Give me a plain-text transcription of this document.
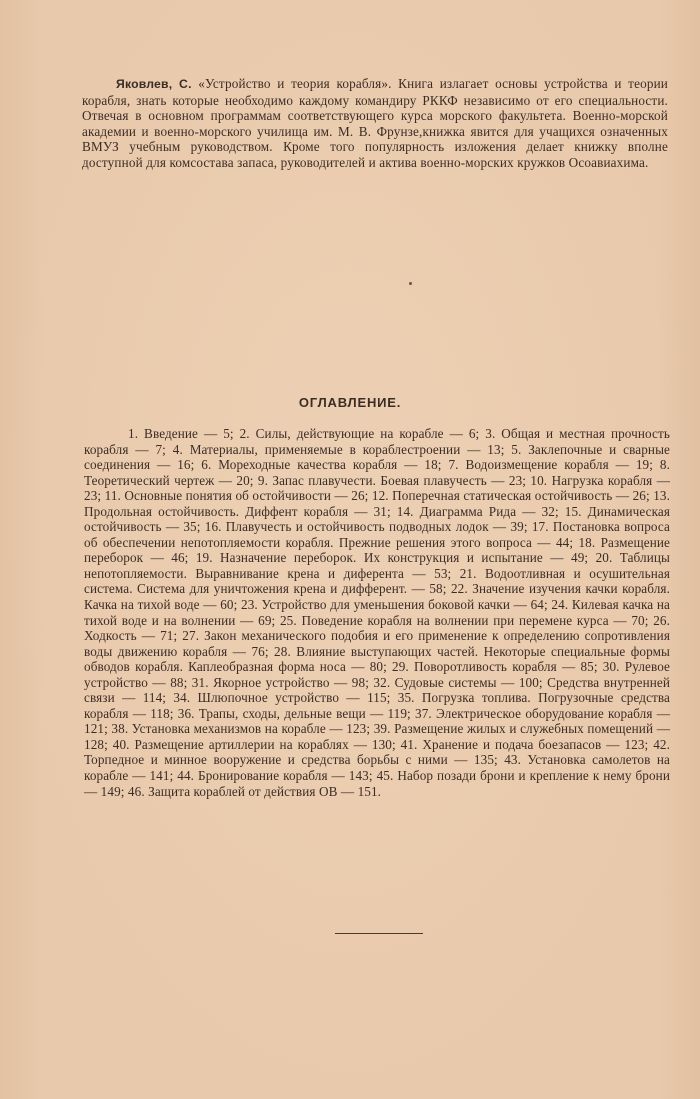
Яковлев, С. «Устройство и теория корабля». Книга излагает основы устройства и теории корабля, знать которые необходимо каждому командиру РККФ независимо от его специальности. Отвечая в основном программам соответствующего курса морского факультета. Военно-морской академии и военно-морского училища им. М. В. Фрунзе,книжка явится для учащихся означенных ВМУЗ учебным руководством. Кроме того популярность изложения делает книжку вполне доступной для комсостава запаса, руководителей и актива военно-морских кружков Осоавиахима.

ОГЛАВЛЕНИЕ.

1. Введение — 5; 2. Силы, действующие на корабле — 6; 3. Общая и местная прочность корабля — 7; 4. Материалы, применяемые в кораблестроении — 13; 5. Заклепочные и сварные соединения — 16; 6. Мореходные качества корабля — 18; 7. Водоизмещение корабля — 19; 8. Теоретический чертеж — 20; 9. Запас плавучести. Боевая плавучесть — 23; 10. Нагрузка корабля — 23; 11. Основные понятия об остойчивости — 26; 12. Поперечная статическая остойчивость — 26; 13. Продольная остойчивость. Диффент корабля — 31; 14. Диаграмма Рида — 32; 15. Динамическая остойчивость — 35; 16. Плавучесть и остойчивость подводных лодок — 39; 17. Постановка вопроса об обеспечении непотопляемости корабля. Прежние решения этого вопроса — 44; 18. Размещение переборок — 46; 19. Назначение переборок. Их конструкция и испытание — 49; 20. Таблицы непотопляемости. Выравнивание крена и диферента — 53; 21. Водоотливная и осушительная система. Система для уничтожения крена и дифферент. — 58; 22. Значение изучения качки корабля. Качка на тихой воде — 60; 23. Устройство для уменьшения боковой качки — 64; 24. Килевая качка на тихой воде и на волнении — 69; 25. Поведение корабля на волнении при перемене курса — 70; 26. Ходкость — 71; 27. Закон механического подобия и его применение к определению сопротивления воды движению корабля — 76; 28. Влияние выступающих частей. Некоторые специальные формы обводов корабля. Каплеобразная форма носа — 80; 29. Поворотливость корабля — 85; 30. Рулевое устройство — 88; 31. Якорное устройство — 98; 32. Судовые системы — 100; Средства внутренней связи — 114; 34. Шлюпочное устройство — 115; 35. Погрузка топлива. Погрузочные средства корабля — 118; 36. Трапы, сходы, дельные вещи — 119; 37. Электрическое оборудование корабля — 121; 38. Установка механизмов на корабле — 123; 39. Размещение жилых и служебных помещений — 128; 40. Размещение артиллерии на кораблях — 130; 41. Хранение и подача боезапасов — 123; 42. Торпедное и минное вооружение и средства борьбы с ними — 135; 43. Установка самолетов на корабле — 141; 44. Бронирование корабля — 143; 45. Набор позади брони и крепление к нему брони — 149; 46. Защита кораблей от действия ОВ — 151.
